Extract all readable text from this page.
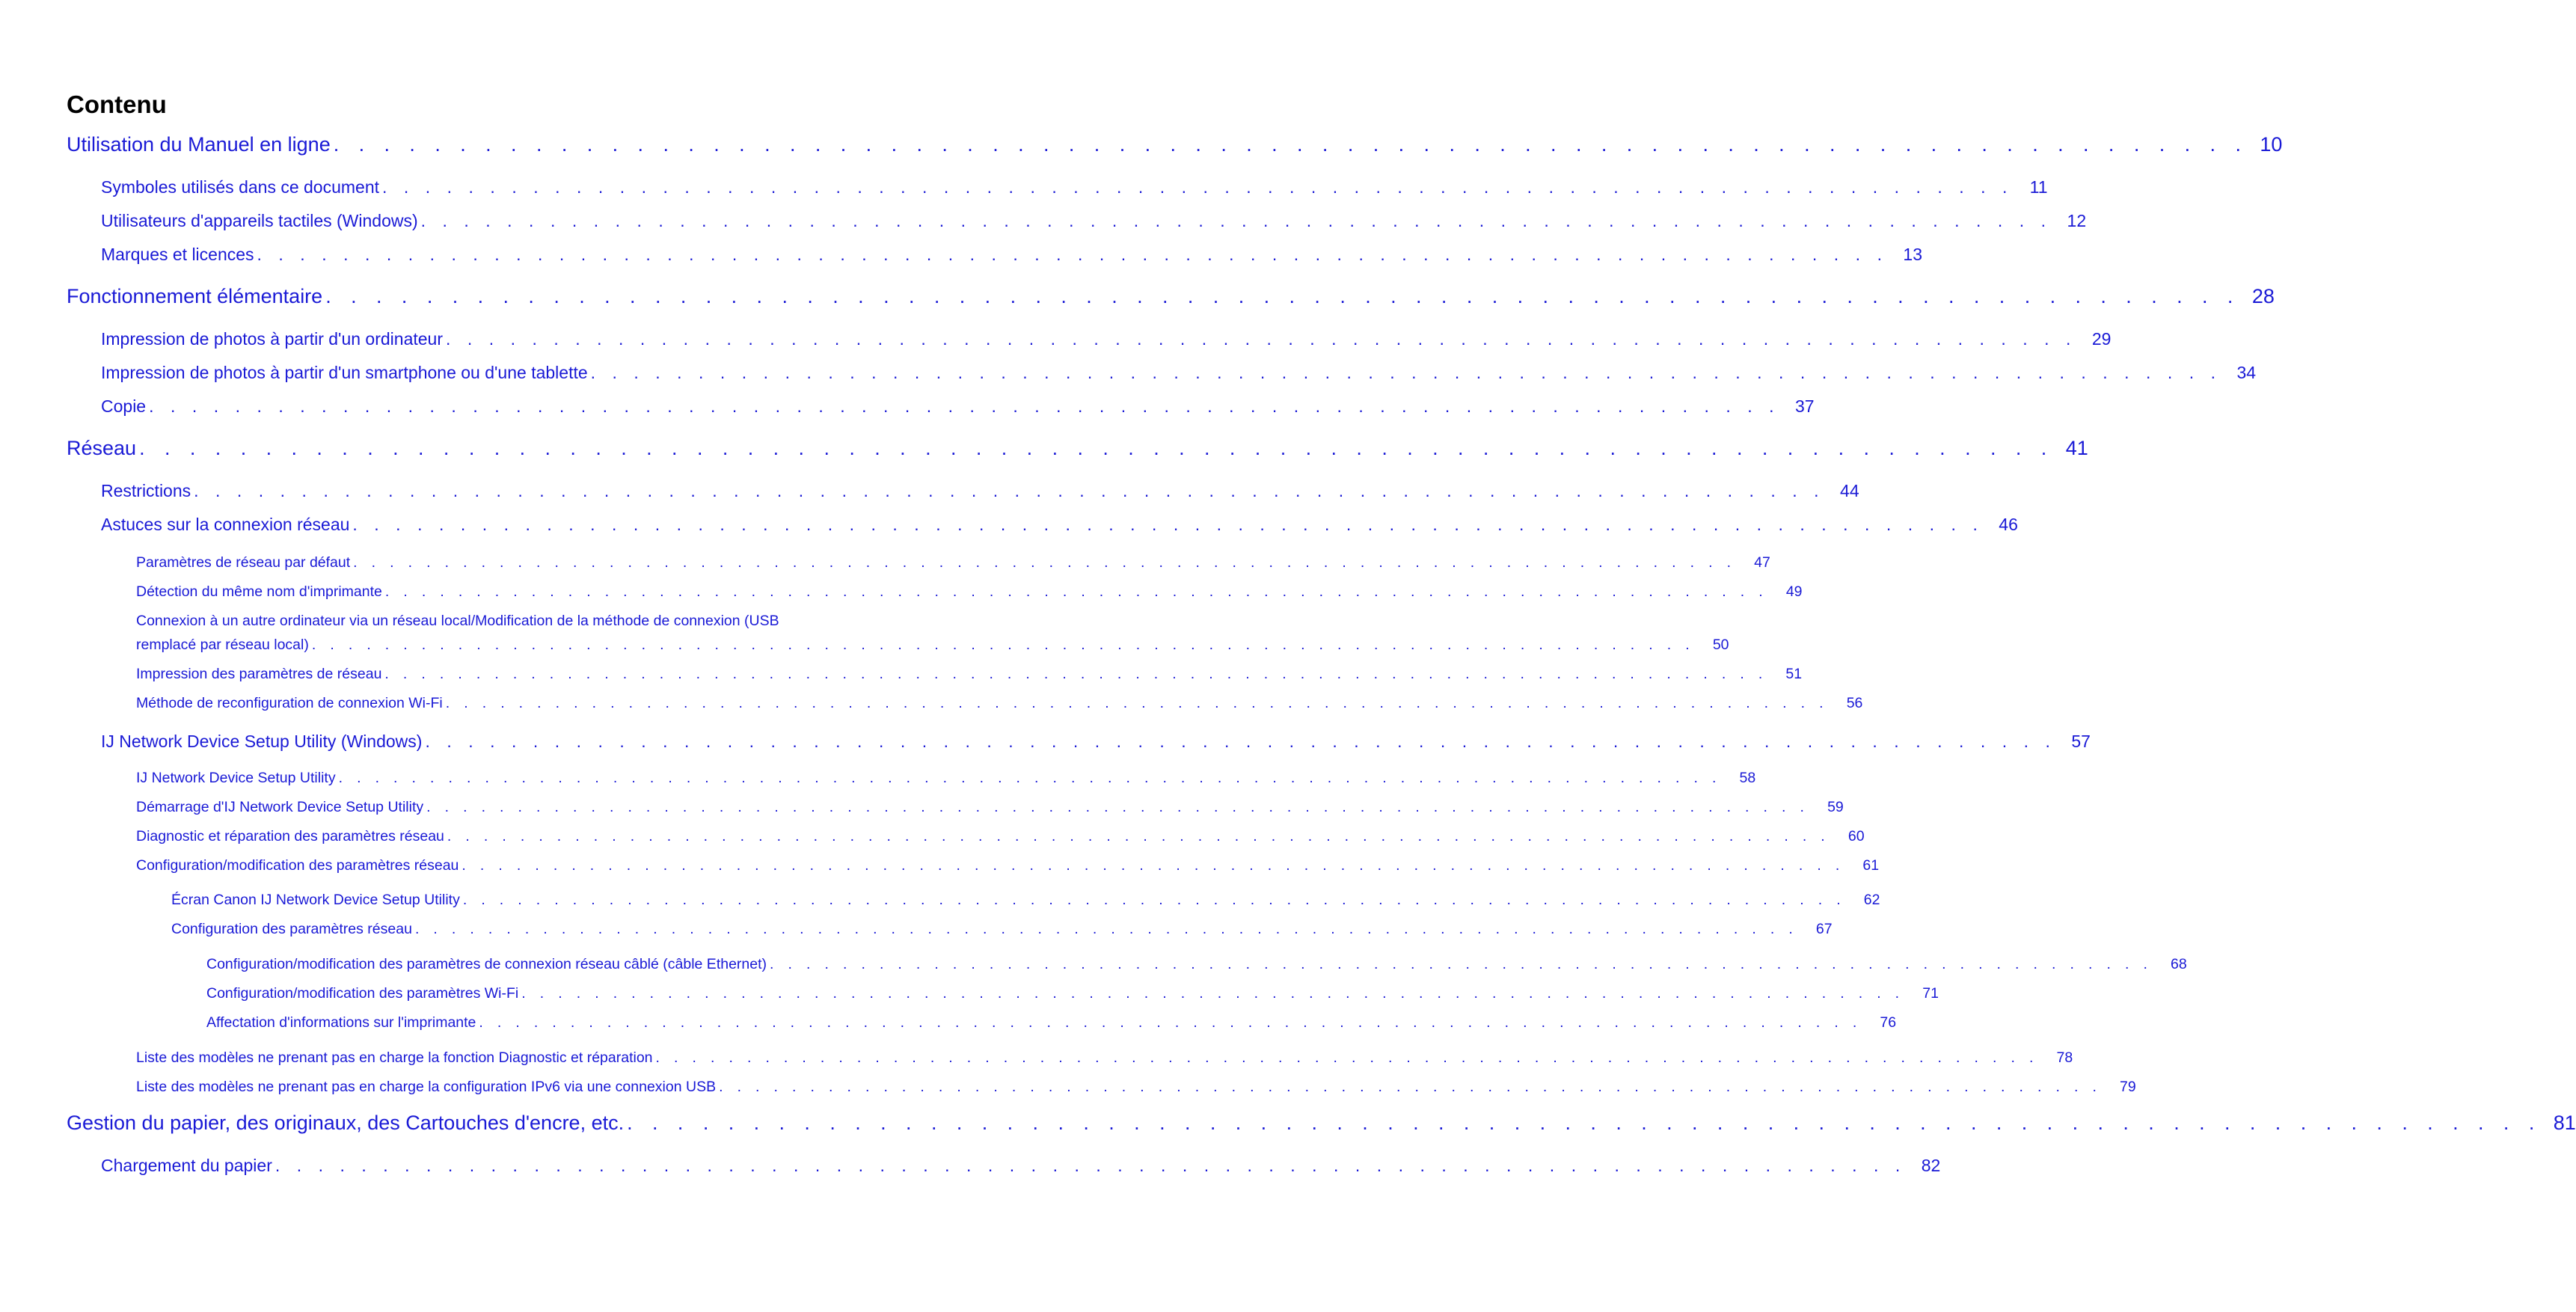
Contenu
Utilisation du Manuel en ligne . . . . . . . . . . . . . . . . . . . . . . . . . . . . . . . . . . . . . . . . . . . . . . . . . . . . . . . . . . . . . . . . . . . . . . . . . . . . 10
Symboles utilisés dans ce document . . . . . . . . . . . . . . . . . . . . . . . . . . . . . . . . . . . . . . . . . . . . . . . . . . . . . . . . . . . . . . . . . . . . . . . . . . . . 11
Utilisateurs d'appareils tactiles (Windows) . . . . . . . . . . . . . . . . . . . . . . . . . . . . . . . . . . . . . . . . . . . . . . . . . . . . . . . . . . . . . . . . . . . . . . . . . . . . 12
Marques et licences . . . . . . . . . . . . . . . . . . . . . . . . . . . . . . . . . . . . . . . . . . . . . . . . . . . . . . . . . . . . . . . . . . . . . . . . . . . . 13
Fonctionnement élémentaire . . . . . . . . . . . . . . . . . . . . . . . . . . . . . . . . . . . . . . . . . . . . . . . . . . . . . . . . . . . . . . . . . . . . . . . . . . . . 28
Impression de photos à partir d'un ordinateur . . . . . . . . . . . . . . . . . . . . . . . . . . . . . . . . . . . . . . . . . . . . . . . . . . . . . . . . . . . . . . . . . . . . . . . . . . . . 29
Impression de photos à partir d'un smartphone ou d'une tablette . . . . . . . . . . . . . . . . . . . . . . . . . . . . . . . . . . . . . . . . . . . . . . . . . . . . . . . . . . . . . . . . . . . . . . . . . . . . 34
Copie . . . . . . . . . . . . . . . . . . . . . . . . . . . . . . . . . . . . . . . . . . . . . . . . . . . . . . . . . . . . . . . . . . . . . . . . . . . . 37
Réseau . . . . . . . . . . . . . . . . . . . . . . . . . . . . . . . . . . . . . . . . . . . . . . . . . . . . . . . . . . . . . . . . . . . . . . . . . . . . 41
Restrictions . . . . . . . . . . . . . . . . . . . . . . . . . . . . . . . . . . . . . . . . . . . . . . . . . . . . . . . . . . . . . . . . . . . . . . . . . . . . 44
Astuces sur la connexion réseau . . . . . . . . . . . . . . . . . . . . . . . . . . . . . . . . . . . . . . . . . . . . . . . . . . . . . . . . . . . . . . . . . . . . . . . . . . . . 46
Paramètres de réseau par défaut . . . . . . . . . . . . . . . . . . . . . . . . . . . . . . . . . . . . . . . . . . . . . . . . . . . . . . . . . . . . . . . . . . . . . . . . . . . .	47
Détection du même nom d'imprimante . . . . . . . . . . . . . . . . . . . . . . . . . . . . . . . . . . . . . . . . . . . . . . . . . . . . . . . . . . . . . . . . . . . . . . . . . . . .	49
Connexion à un autre ordinateur via un réseau local/Modification de la méthode de connexion (USB
remplacé par réseau local) . . . . . . . . . . . . . . . . . . . . . . . . . . . . . . . . . . . . . . . . . . . . . . . . . . . . . . . . . . . . . . . . . . . . . . . . . . . .	50
Impression des paramètres de réseau . . . . . . . . . . . . . . . . . . . . . . . . . . . . . . . . . . . . . . . . . . . . . . . . . . . . . . . . . . . . . . . . . . . . . . . . . . . .	51
Méthode de reconfiguration de connexion Wi-Fi . . . . . . . . . . . . . . . . . . . . . . . . . . . . . . . . . . . . . . . . . . . . . . . . . . . . . . . . . . . . . . . . . . . . . . . . . . . .	56
IJ Network Device Setup Utility (Windows) . . . . . . . . . . . . . . . . . . . . . . . . . . . . . . . . . . . . . . . . . . . . . . . . . . . . . . . . . . . . . . . . . . . . . . . . . . . . 57
IJ Network Device Setup Utility . . . . . . . . . . . . . . . . . . . . . . . . . . . . . . . . . . . . . . . . . . . . . . . . . . . . . . . . . . . . . . . . . . . . . . . . . . . .	58
Démarrage d'IJ Network Device Setup Utility . . . . . . . . . . . . . . . . . . . . . . . . . . . . . . . . . . . . . . . . . . . . . . . . . . . . . . . . . . . . . . . . . . . . . . . . . . . .	59
Diagnostic et réparation des paramètres réseau . . . . . . . . . . . . . . . . . . . . . . . . . . . . . . . . . . . . . . . . . . . . . . . . . . . . . . . . . . . . . . . . . . . . . . . . . . . .	60
Configuration/modification des paramètres réseau . . . . . . . . . . . . . . . . . . . . . . . . . . . . . . . . . . . . . . . . . . . . . . . . . . . . . . . . . . . . . . . . . . . . . . . . . . . .	61
Écran Canon IJ Network Device Setup Utility . . . . . . . . . . . . . . . . . . . . . . . . . . . . . . . . . . . . . . . . . . . . . . . . . . . . . . . . . . . . . . . . . . . . . . . . . . . .	62
Configuration des paramètres réseau . . . . . . . . . . . . . . . . . . . . . . . . . . . . . . . . . . . . . . . . . . . . . . . . . . . . . . . . . . . . . . . . . . . . . . . . . . . .	67
Configuration/modification des paramètres de connexion réseau câblé (câble Ethernet) . . . . . . . . . . . . . . . . . . . . . . . . . . . . . . . . . . . . . . . . . . . . . . . . . . . . . . . . . . . . . . . . . . . . . . . . . . . .	68
Configuration/modification des paramètres Wi-Fi . . . . . . . . . . . . . . . . . . . . . . . . . . . . . . . . . . . . . . . . . . . . . . . . . . . . . . . . . . . . . . . . . . . . . . . . . . . .	71
Affectation d'informations sur l'imprimante . . . . . . . . . . . . . . . . . . . . . . . . . . . . . . . . . . . . . . . . . . . . . . . . . . . . . . . . . . . . . . . . . . . . . . . . . . . .	76
Liste des modèles ne prenant pas en charge la fonction Diagnostic et réparation . . . . . . . . . . . . . . . . . . . . . . . . . . . . . . . . . . . . . . . . . . . . . . . . . . . . . . . . . . . . . . . . . . . . . . . . . . . .	78
Liste des modèles ne prenant pas en charge la configuration IPv6 via une connexion USB . . . . . . . . . . . . . . . . . . . . . . . . . . . . . . . . . . . . . . . . . . . . . . . . . . . . . . . . . . . . . . . . . . . . . . . . . . . .	79
Gestion du papier, des originaux, des Cartouches d'encre, etc. . . . . . . . . . . . . . . . . . . . . . . . . . . . . . . . . . . . . . . . . . . . . . . . . . . . . . . . . . . . . . . . . . . . . . . . . . . . . 81
Chargement du papier . . . . . . . . . . . . . . . . . . . . . . . . . . . . . . . . . . . . . . . . . . . . . . . . . . . . . . . . . . . . . . . . . . . . . . . . . . . . 82
